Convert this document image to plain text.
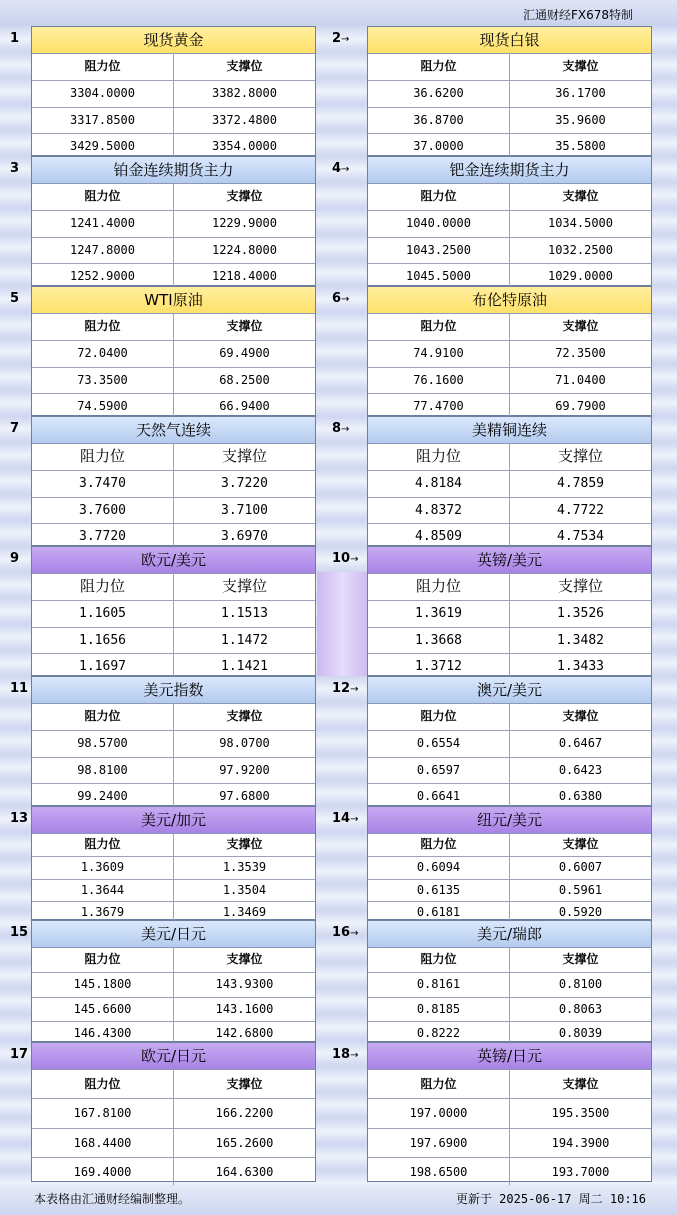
汇通财经FX678特制
1	现货黄金
阻力位	支撑位
3304.0000	3382.8000
3317.8500	3372.4800
3429.5000	3354.0000
2→	现货白银
阻力位	支撑位
36.6200	36.1700
36.8700	35.9600
37.0000	35.5800
3	铂金连续期货主力
阻力位	支撑位
1241.4000	1229.9000
1247.8000	1224.8000
1252.9000	1218.4000
4→	钯金连续期货主力
阻力位	支撑位
1040.0000	1034.5000
1043.2500	1032.2500
1045.5000	1029.0000
5	WTI原油
阻力位	支撑位
72.0400	69.4900
73.3500	68.2500
74.5900	66.9400
6→	布伦特原油
阻力位	支撑位
74.9100	72.3500
76.1600	71.0400
77.4700	69.7900
7	天然气连续
阻力位	支撑位
3.7470	3.7220
3.7600	3.7100
3.7720	3.6970
8→	美精铜连续
阻力位	支撑位
4.8184	4.7859
4.8372	4.7722
4.8509	4.7534
9	欧元/美元
阻力位	支撑位
1.1605	1.1513
1.1656	1.1472
1.1697	1.1421
10→	英镑/美元
阻力位	支撑位
1.3619	1.3526
1.3668	1.3482
1.3712	1.3433
11	美元指数
阻力位	支撑位
98.5700	98.0700
98.8100	97.9200
99.2400	97.6800
12→	澳元/美元
阻力位	支撑位
0.6554	0.6467
0.6597	0.6423
0.6641	0.6380
13	美元/加元
阻力位	支撑位
1.3609	1.3539
1.3644	1.3504
1.3679	1.3469
14→	纽元/美元
阻力位	支撑位
0.6094	0.6007
0.6135	0.5961
0.6181	0.5920
15	美元/日元
阻力位	支撑位
145.1800	143.9300
145.6600	143.1600
146.4300	142.6800
16→	美元/瑞郎
阻力位	支撑位
0.8161	0.8100
0.8185	0.8063
0.8222	0.8039
17	欧元/日元
阻力位	支撑位
167.8100	166.2200
168.4400	165.2600
169.4000	164.6300
18→	英镑/日元
阻力位	支撑位
197.0000	195.3500
197.6900	194.3900
198.6500	193.7000
本表格由汇通财经编制整理。	更新于 2025-06-17 周二 10:16
